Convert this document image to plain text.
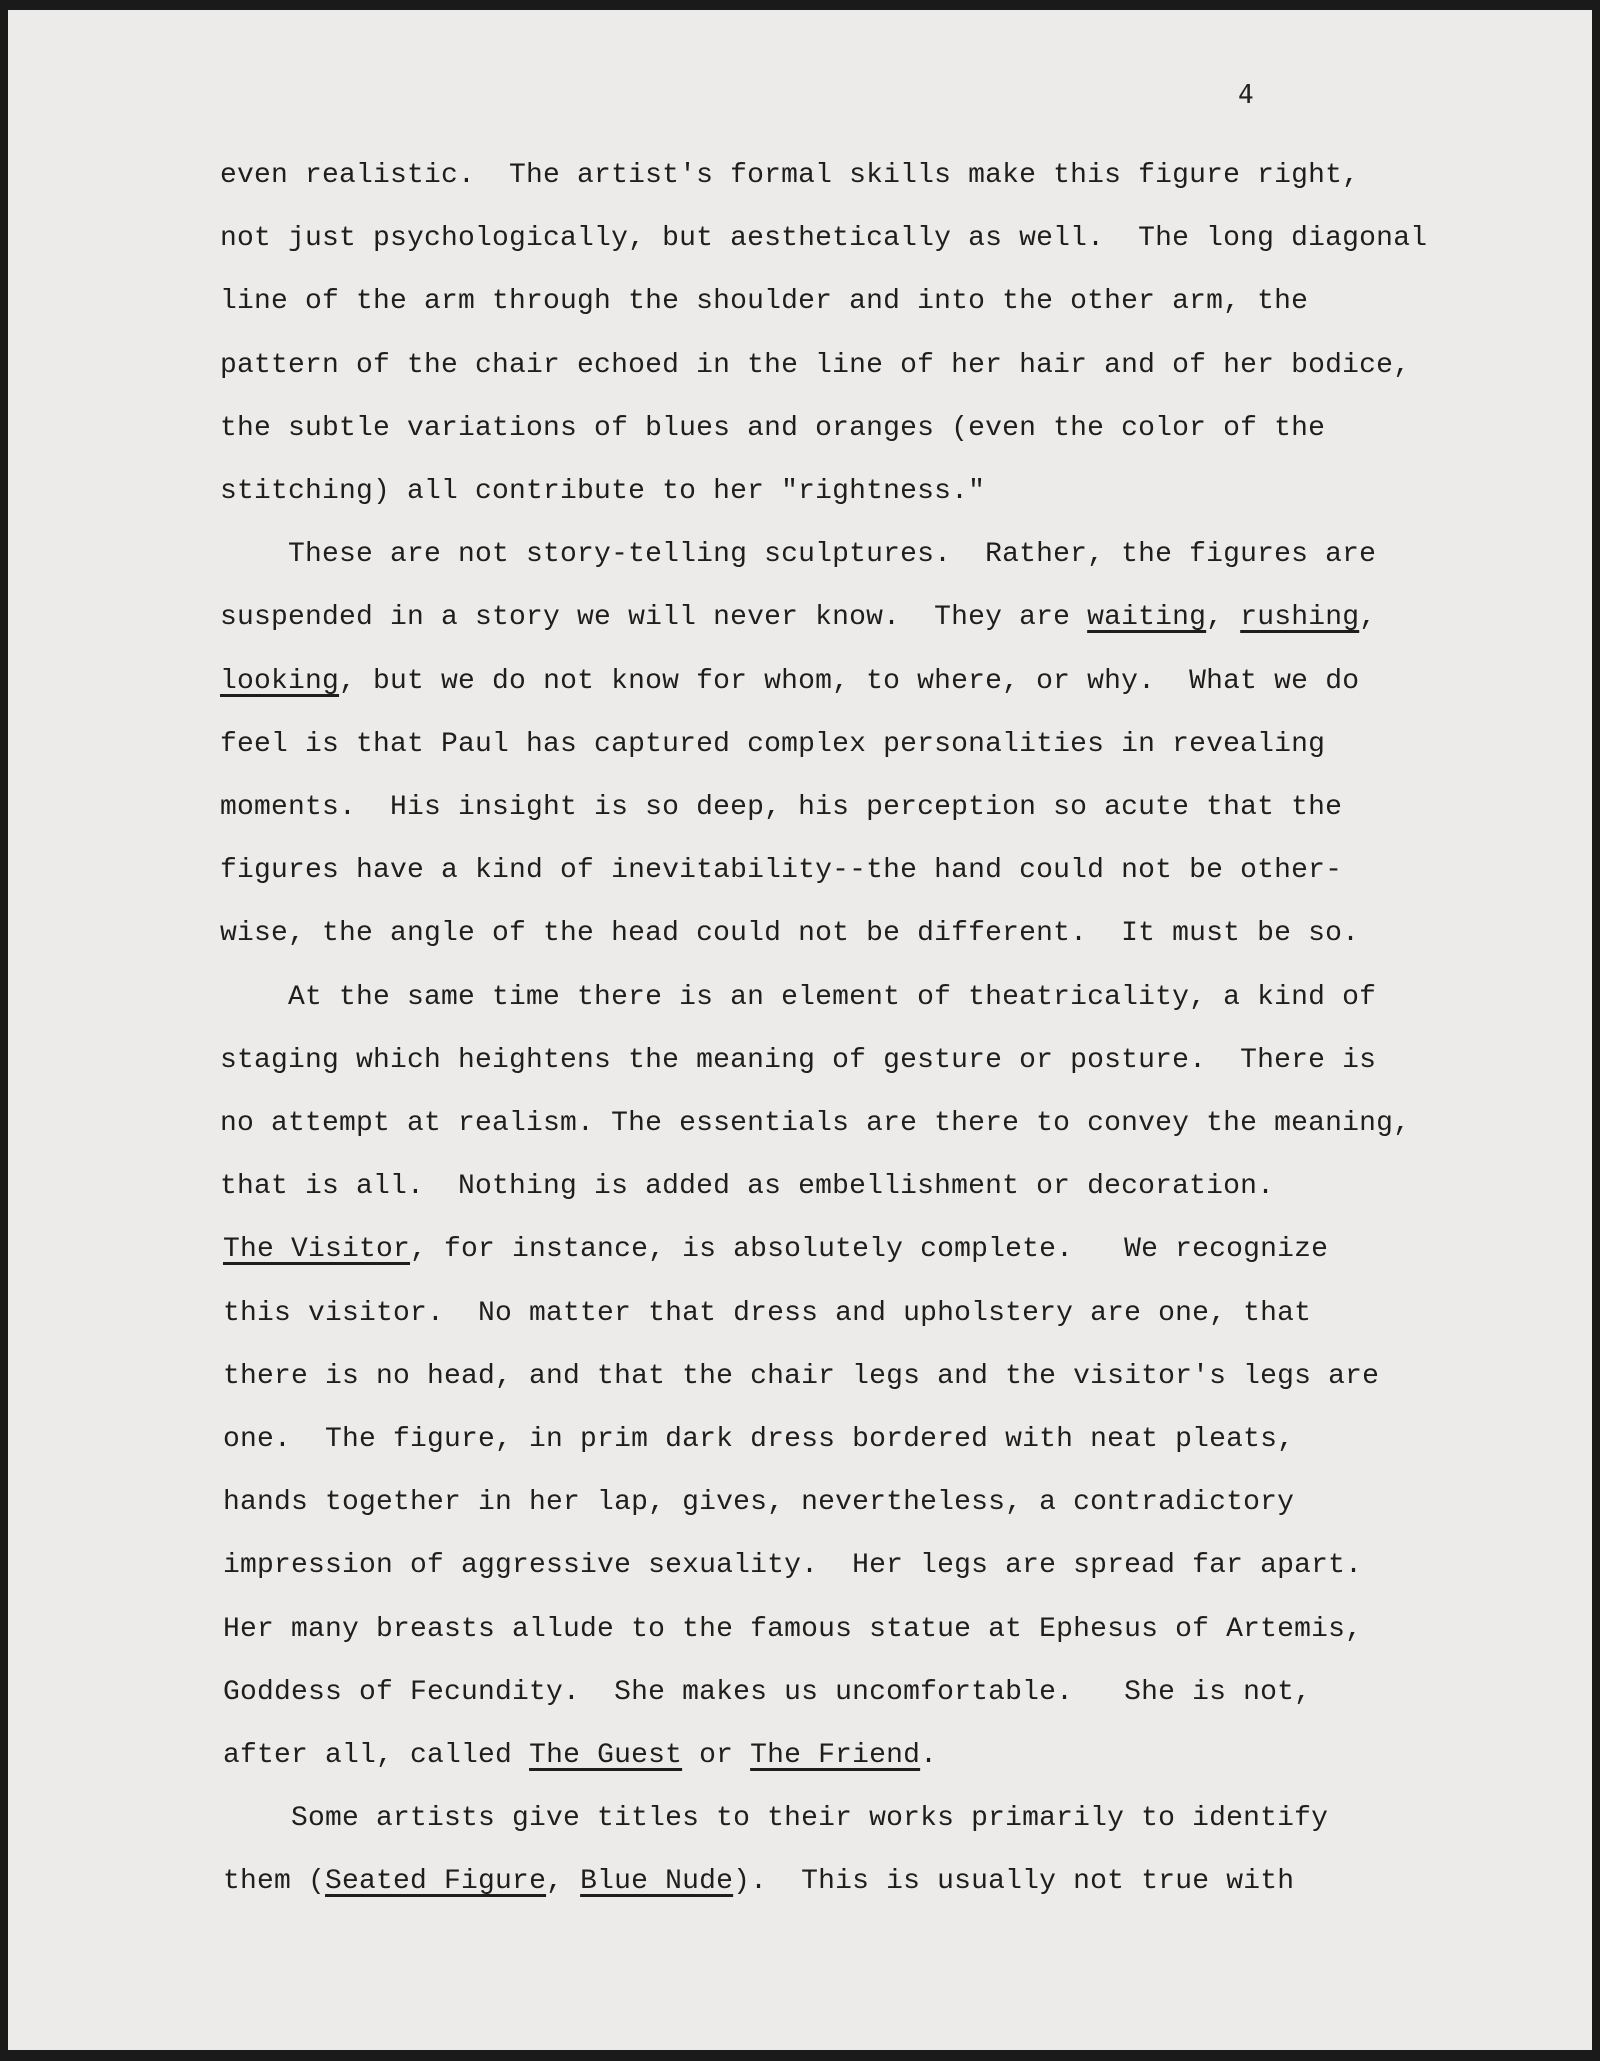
4
even realistic.  The artist's formal skills make this figure right,
not just psychologically, but aesthetically as well.  The long diagonal
line of the arm through the shoulder and into the other arm, the
pattern of the chair echoed in the line of her hair and of her bodice,
the subtle variations of blues and oranges (even the color of the
stitching) all contribute to her "rightness."
These are not story-telling sculptures.  Rather, the figures are
suspended in a story we will never know.  They are waiting, rushing,
looking, but we do not know for whom, to where, or why.  What we do
feel is that Paul has captured complex personalities in revealing
moments.  His insight is so deep, his perception so acute that the
figures have a kind of inevitability--the hand could not be other-
wise, the angle of the head could not be different.  It must be so.
At the same time there is an element of theatricality, a kind of
staging which heightens the meaning of gesture or posture.  There is
no attempt at realism. The essentials are there to convey the meaning,
that is all.  Nothing is added as embellishment or decoration.
The Visitor, for instance, is absolutely complete.   We recognize
this visitor.  No matter that dress and upholstery are one, that
there is no head, and that the chair legs and the visitor's legs are
one.  The figure, in prim dark dress bordered with neat pleats,
hands together in her lap, gives, nevertheless, a contradictory
impression of aggressive sexuality.  Her legs are spread far apart.
Her many breasts allude to the famous statue at Ephesus of Artemis,
Goddess of Fecundity.  She makes us uncomfortable.   She is not,
after all, called The Guest or The Friend.
Some artists give titles to their works primarily to identify
them (Seated Figure, Blue Nude).  This is usually not true with
